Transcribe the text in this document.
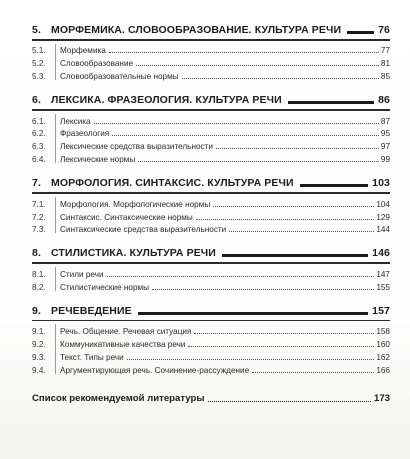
5. МОРФЕМИКА. СЛОВООБРАЗОВАНИЕ. КУЛЬТУРА РЕЧИ	76
5.1.	Морфемика	77
5.2.	Словообразование	81
5.3.	Словообразовательные нормы	85
6. ЛЕКСИКА. ФРАЗЕОЛОГИЯ. КУЛЬТУРА РЕЧИ	86
6.1.	Лексика	87
6.2.	Фразеология	95
6.3.	Лексические средства выразительности	97
6.4.	Лексические нормы	99
7. МОРФОЛОГИЯ. СИНТАКСИС. КУЛЬТУРА РЕЧИ	103
7.1.	Морфология. Морфологические нормы	104
7.2.	Синтаксис. Синтаксические нормы	129
7.3.	Синтаксические средства выразительности	144
8. СТИЛИСТИКА. КУЛЬТУРА РЕЧИ	146
8.1.	Стили речи	147
8.2.	Стилистические нормы	155
9. РЕЧЕВЕДЕНИЕ	157
9.1.	Речь. Общение. Речевая ситуация	158
9.2.	Коммуникативные качества речи	160
9.3.	Текст. Типы речи	162
9.4.	Аргументирующая речь. Сочинение-рассуждение	166
Список рекомендуемой литературы	173
